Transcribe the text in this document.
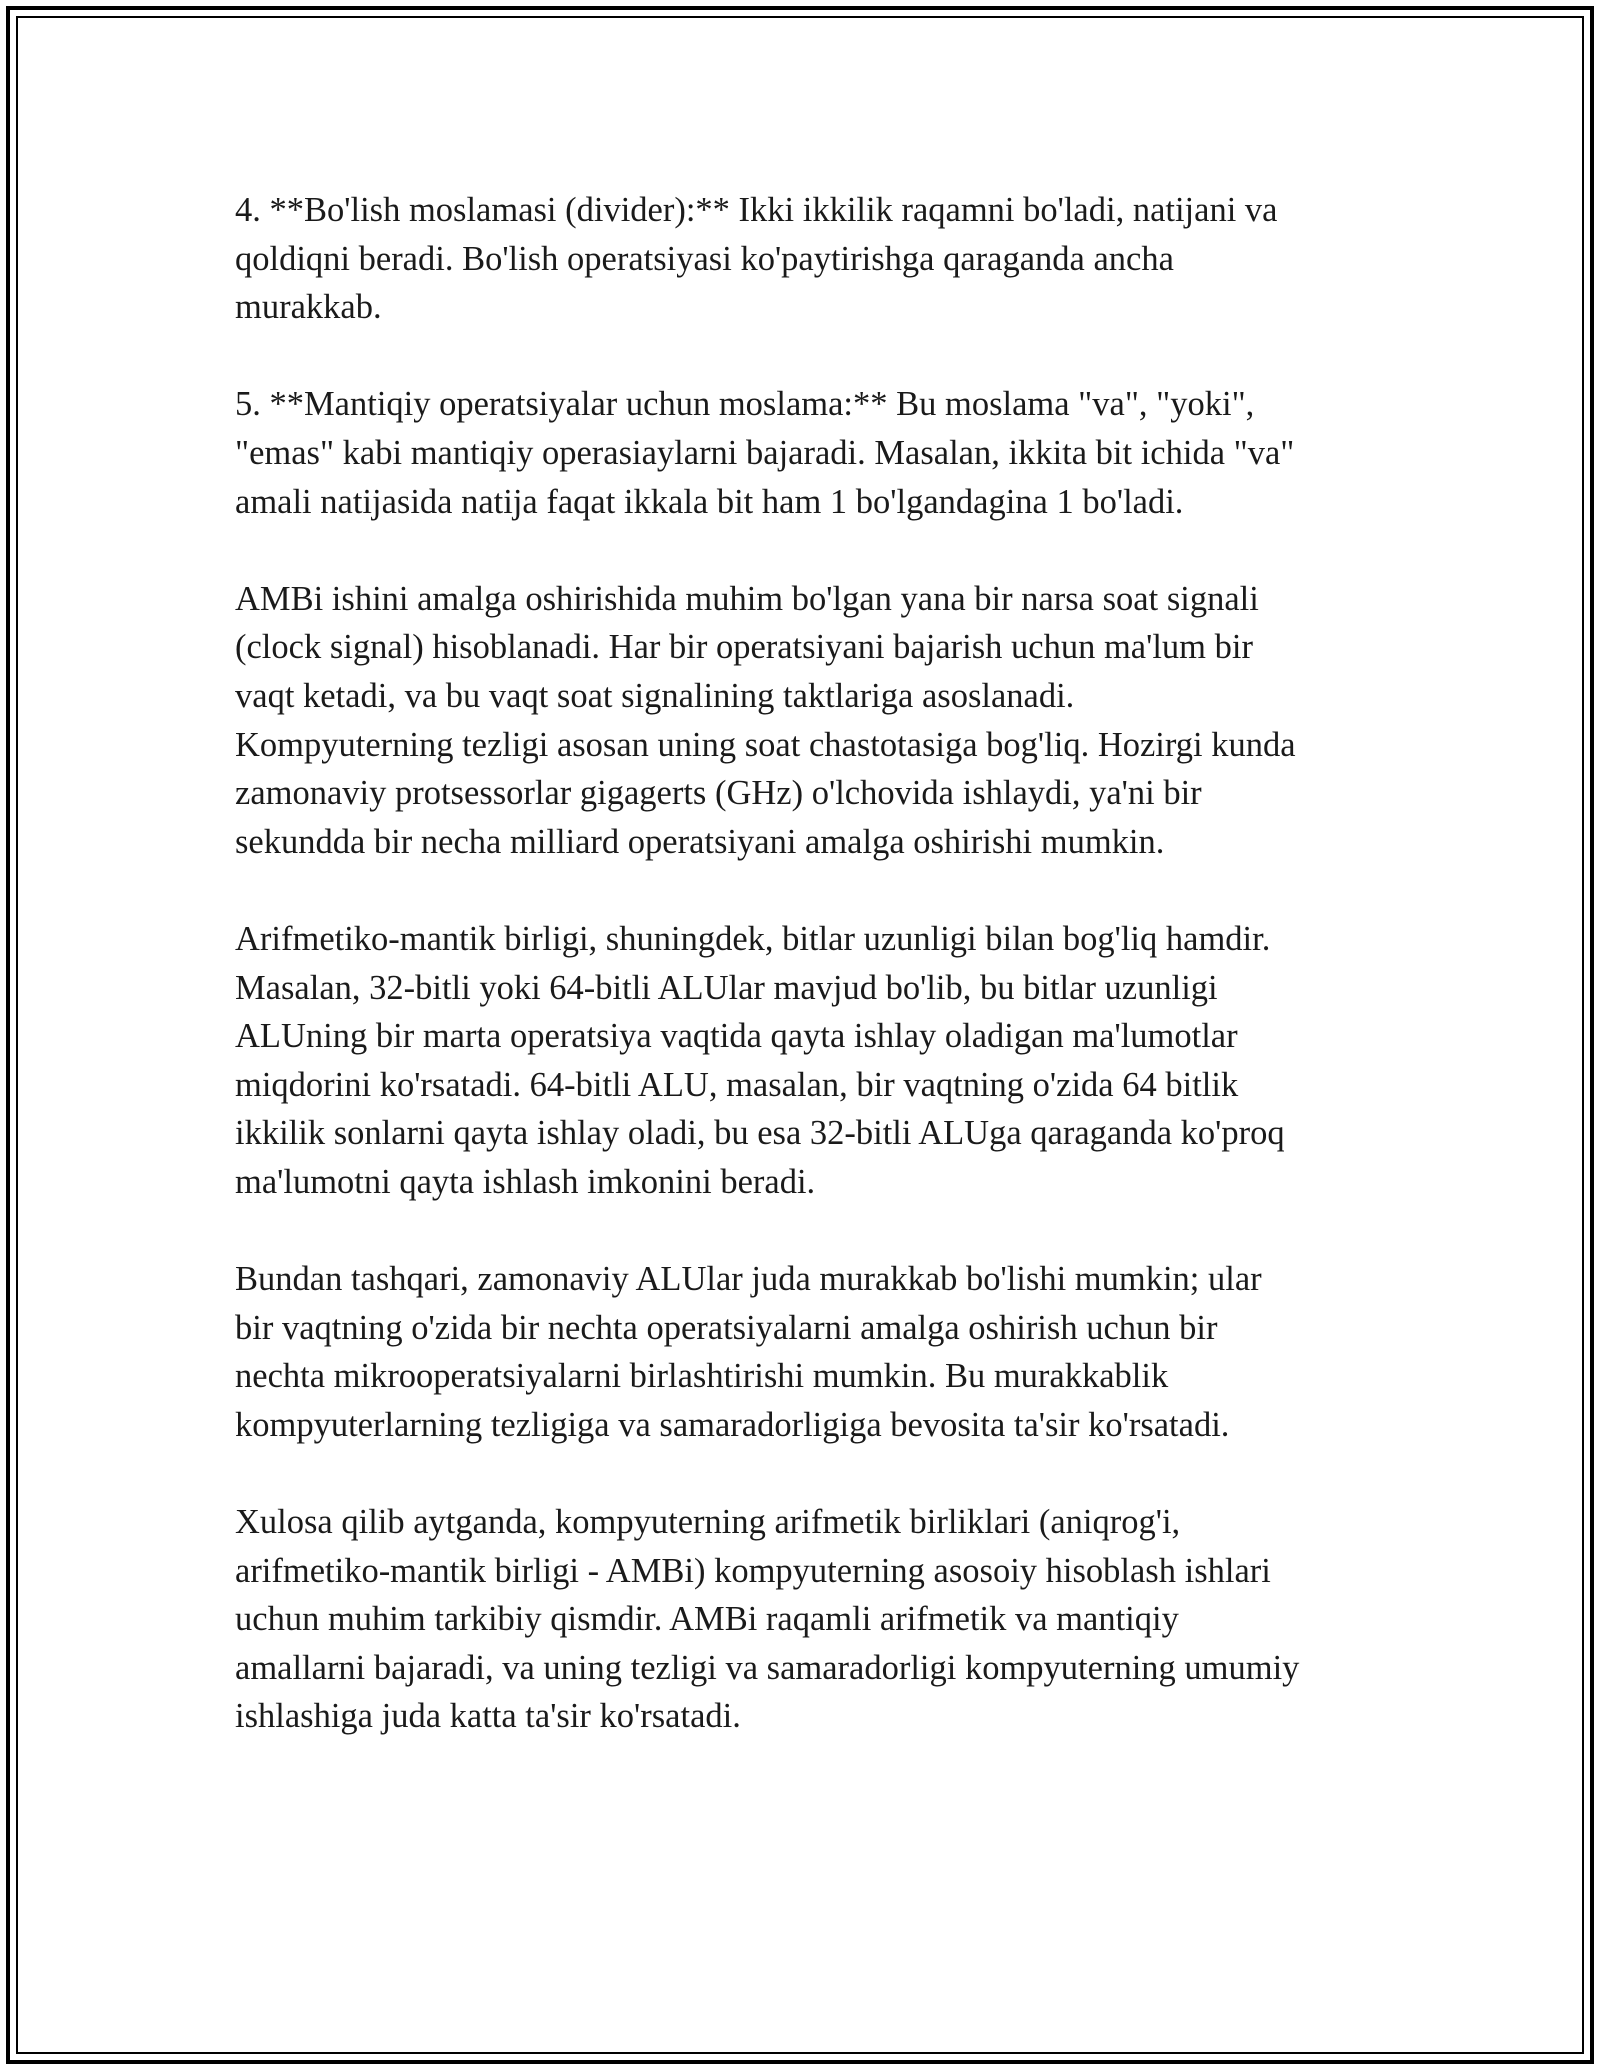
4. **Bo'lish moslamasi (divider):** Ikki ikkilik raqamni bo'ladi, natijani va
qoldiqni beradi. Bo'lish operatsiyasi ko'paytirishga qaraganda ancha
murakkab.

5. **Mantiqiy operatsiyalar uchun moslama:** Bu moslama "va", "yoki",
"emas" kabi mantiqiy operasiaylarni bajaradi. Masalan, ikkita bit ichida "va"
amali natijasida natija faqat ikkala bit ham 1 bo'lgandagina 1 bo'ladi.

AMBi ishini amalga oshirishida muhim bo'lgan yana bir narsa soat signali
(clock signal) hisoblanadi. Har bir operatsiyani bajarish uchun ma'lum bir
vaqt ketadi, va bu vaqt soat signalining taktlariga asoslanadi.
Kompyuterning tezligi asosan uning soat chastotasiga bog'liq. Hozirgi kunda
zamonaviy protsessorlar gigagerts (GHz) o'lchovida ishlaydi, ya'ni bir
sekundda bir necha milliard operatsiyani amalga oshirishi mumkin.

Arifmetiko-mantik birligi, shuningdek, bitlar uzunligi bilan bog'liq hamdir.
Masalan, 32-bitli yoki 64-bitli ALUlar mavjud bo'lib, bu bitlar uzunligi
ALUning bir marta operatsiya vaqtida qayta ishlay oladigan ma'lumotlar
miqdorini ko'rsatadi. 64-bitli ALU, masalan, bir vaqtning o'zida 64 bitlik
ikkilik sonlarni qayta ishlay oladi, bu esa 32-bitli ALUga qaraganda ko'proq
ma'lumotni qayta ishlash imkonini beradi.

Bundan tashqari, zamonaviy ALUlar juda murakkab bo'lishi mumkin; ular
bir vaqtning o'zida bir nechta operatsiyalarni amalga oshirish uchun bir
nechta mikrooperatsiyalarni birlashtirishi mumkin. Bu murakkablik
kompyuterlarning tezligiga va samaradorligiga bevosita ta'sir ko'rsatadi.

Xulosa qilib aytganda, kompyuterning arifmetik birliklari (aniqrog'i,
arifmetiko-mantik birligi - AMBi) kompyuterning asosoiy hisoblash ishlari
uchun muhim tarkibiy qismdir. AMBi raqamli arifmetik va mantiqiy
amallarni bajaradi, va uning tezligi va samaradorligi kompyuterning umumiy
ishlashiga juda katta ta'sir ko'rsatadi.
